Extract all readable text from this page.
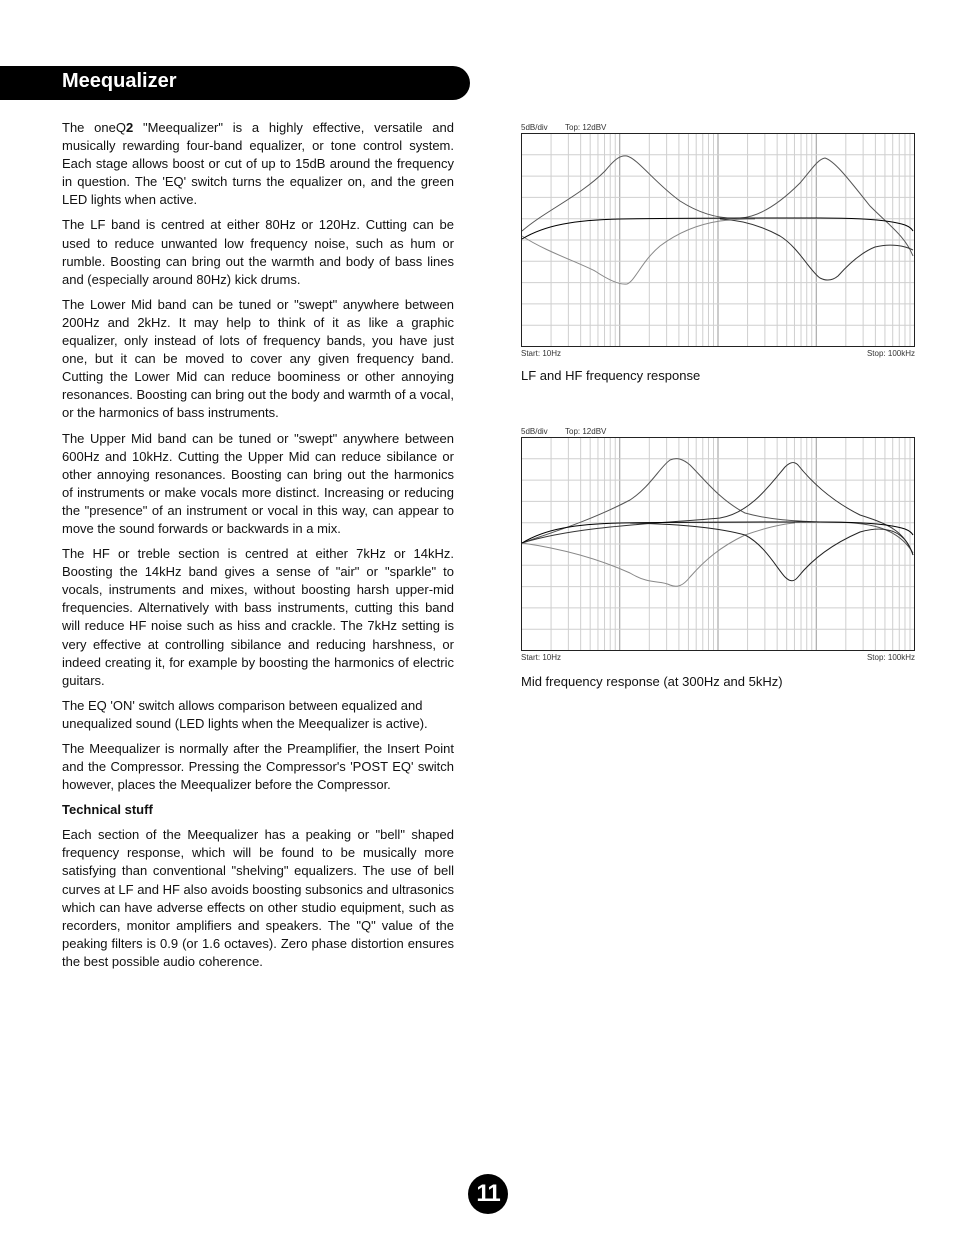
Meequalizer

The oneQ2 "Meequalizer" is a highly effective, versatile and musically rewarding four-band equalizer, or tone control system. Each stage allows boost or cut of up to 15dB around the frequency in question. The 'EQ' switch turns the equalizer on, and the green LED lights when active.

The LF band is centred at either 80Hz or 120Hz. Cutting can be used to reduce unwanted low frequency noise, such as hum or rumble. Boosting can bring out the warmth and body of bass lines and (especially around 80Hz) kick drums.

The Lower Mid band can be tuned or "swept" anywhere between 200Hz and 2kHz. It may help to think of it as like a graphic equalizer, only instead of lots of frequency bands, you have just one, but it can be moved to cover any given frequency band. Cutting the Lower Mid can reduce boominess or other annoying resonances. Boosting can bring out the body and warmth of a vocal, or the harmonics of bass instruments.

The Upper Mid band can be tuned or "swept" anywhere between 600Hz and 10kHz. Cutting the Upper Mid can reduce sibilance or other annoying resonances. Boosting can bring out the harmonics of instruments or make vocals more distinct. Increasing or reducing the "presence" of an instrument or vocal in this way, can appear to move the sound forwards or backwards in a mix.

The HF or treble section is centred at either 7kHz or 14kHz. Boosting the 14kHz band gives a sense of "air" or "sparkle" to vocals, instruments and mixes, without boosting harsh upper-mid frequencies. Alternatively with bass instruments, cutting this band will reduce HF noise such as hiss and crackle. The 7kHz setting is very effective at controlling sibilance and reducing harshness, or indeed creating it, for example by boosting the harmonics of electric guitars.

The EQ 'ON' switch allows comparison between equalized and unequalized sound (LED lights when the Meequalizer is active).

The Meequalizer is normally after the Preamplifier, the Insert Point and the Compressor. Pressing the Compressor's 'POST EQ' switch however, places the Meequalizer before the Compressor.

Technical stuff

Each section of the Meequalizer has a peaking or "bell" shaped frequency response, which will be found to be musically more satisfying than conventional "shelving" equalizers. The use of bell curves at LF and HF also avoids boosting subsonics and ultrasonics which can have adverse effects on other studio equipment, such as recorders, monitor amplifiers and speakers. The "Q" value of the peaking filters is 0.9 (or 1.6 octaves). Zero phase distortion ensures the best possible audio coherence.

5dB/div Top: 12dBV
Start: 10Hz	Stop: 100kHz
LF and HF frequency response
5dB/div Top: 12dBV
Start: 10Hz	Stop: 100kHz
Mid frequency response (at 300Hz and 5kHz)
11
